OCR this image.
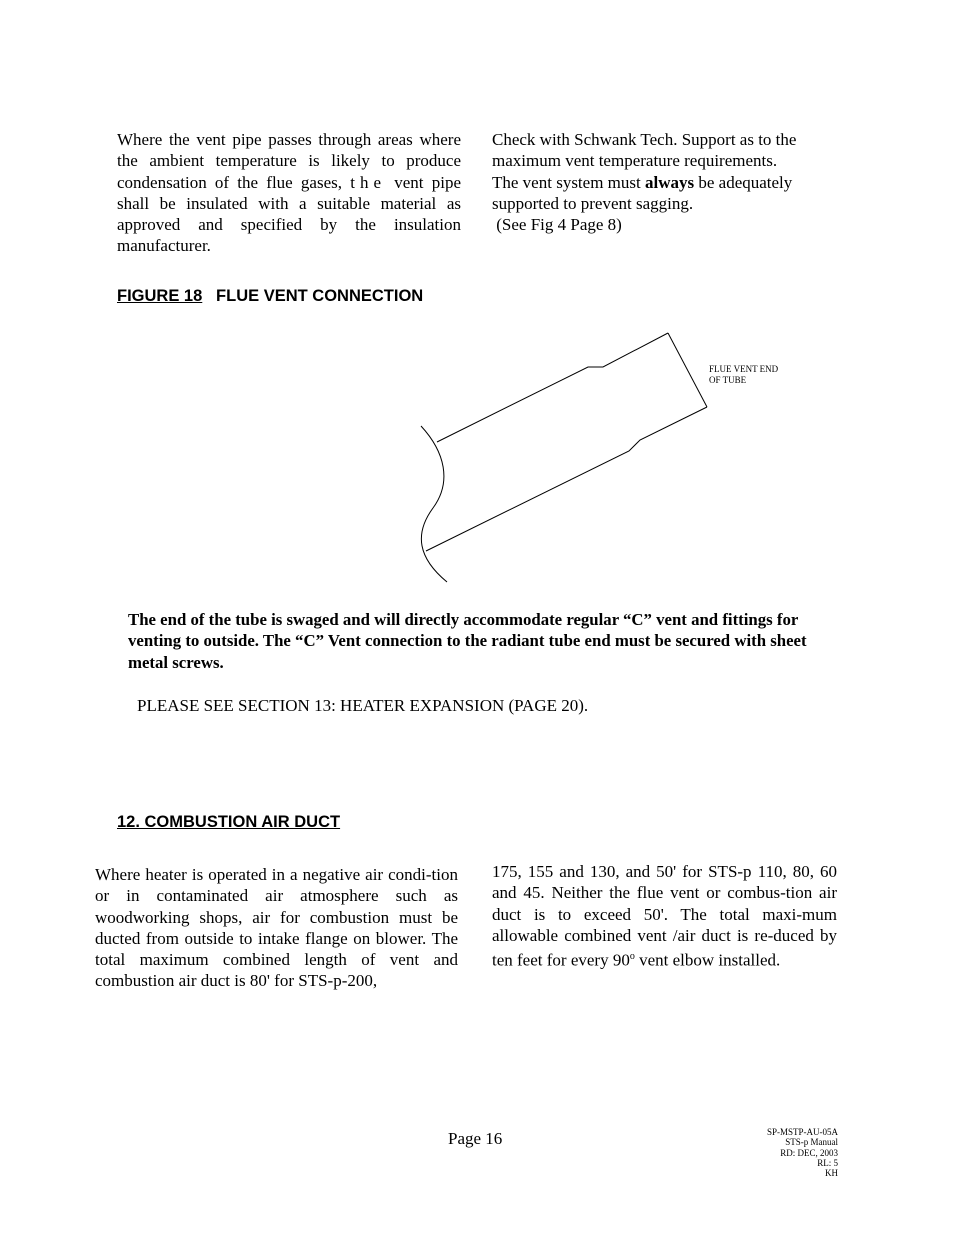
Where the vent pipe passes through areas where the ambient temperature is likely to produce condensation of the flue gases, the vent pipe shall be insulated with a suitable material as approved and specified by the insulation manufacturer.
Check with Schwank Tech. Support as to the maximum vent temperature requirements.
The vent system must always be adequately supported to prevent sagging.
(See Fig 4 Page 8)
FIGURE 18 FLUE VENT CONNECTION
FLUE VENT END
OF TUBE
The end of the tube is swaged and will directly accommodate regular “C” vent and fittings for venting to outside. The “C” Vent connection to the radiant tube end must be secured with sheet metal screws.
PLEASE SEE SECTION 13: HEATER EXPANSION (PAGE 20).
12. COMBUSTION AIR DUCT
Where heater is operated in a negative air condi-tion or in contaminated air atmosphere such as woodworking shops, air for combustion must be ducted from outside to intake flange on blower. The total maximum combined length of vent and combustion air duct is 80' for STS-p-200,
175, 155 and 130, and 50' for STS-p 110, 80, 60 and 45. Neither the flue vent or combus-tion air duct is to exceed 50'. The total maxi-mum allowable combined vent /air duct is re-duced by ten feet for every 90$^o$ vent elbow installed.
Page 16	SP-MSTP-AU-05A
STS-p Manual
RD: DEC, 2003
RL: 5
KH
